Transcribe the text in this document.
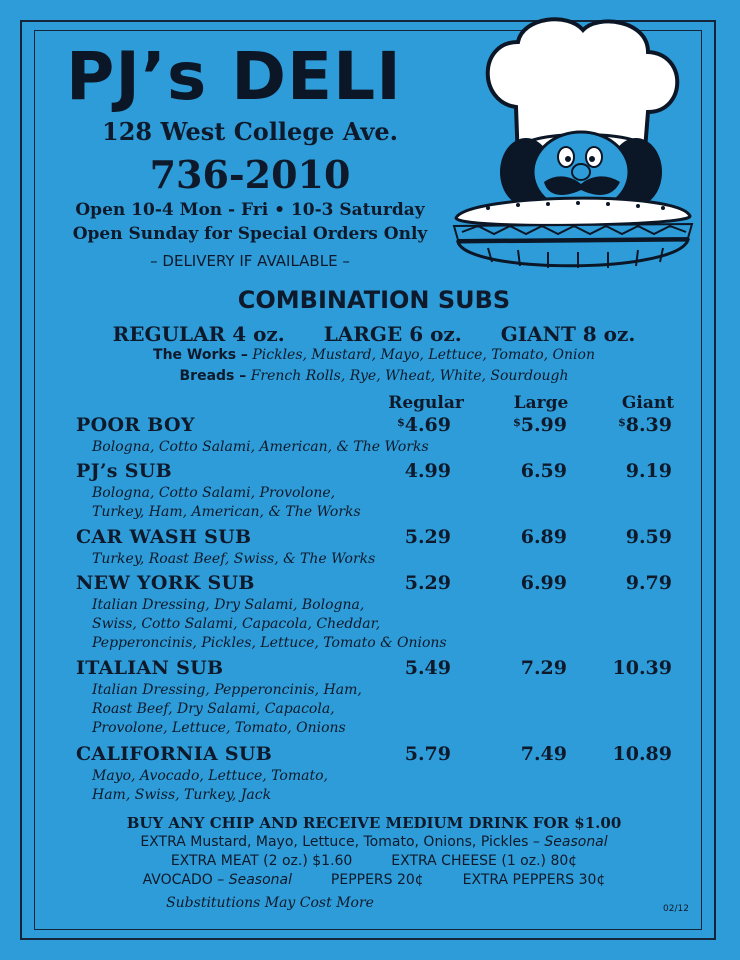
PJ’s DELI
128 West College Ave.
736-2010
Open 10-4 Mon - Fri • 10-3 Saturday
Open Sunday for Special Orders Only
– DELIVERY IF AVAILABLE –
COMBINATION SUBS
REGULAR 4 oz. LARGE 6 oz. GIANT 8 oz.
The Works – Pickles, Mustard, Mayo, Lettuce, Tomato, Onion
Breads – French Rolls, Rye, Wheat, White, Sourdough
Regular	Large	Giant
POOR BOY	$4.69	$5.99	$8.39
Bologna, Cotto Salami, American, & The Works
PJ’s SUB	4.99	6.59	9.19
Bologna, Cotto Salami, Provolone,
Turkey, Ham, American, & The Works
CAR WASH SUB	5.29	6.89	9.59
Turkey, Roast Beef, Swiss, & The Works
NEW YORK SUB	5.29	6.99	9.79
Italian Dressing, Dry Salami, Bologna,
Swiss, Cotto Salami, Capacola, Cheddar,
Pepperoncinis, Pickles, Lettuce, Tomato & Onions
ITALIAN SUB	5.49	7.29	10.39
Italian Dressing, Pepperoncinis, Ham,
Roast Beef, Dry Salami, Capacola,
Provolone, Lettuce, Tomato, Onions
CALIFORNIA SUB	5.79	7.49	10.89
Mayo, Avocado, Lettuce, Tomato,
Ham, Swiss, Turkey, Jack
BUY ANY CHIP AND RECEIVE MEDIUM DRINK FOR $1.00
EXTRA Mustard, Mayo, Lettuce, Tomato, Onions, Pickles – Seasonal
EXTRA MEAT (2 oz.) $1.60	EXTRA CHEESE (1 oz.) 80¢
AVOCADO – Seasonal	PEPPERS 20¢	EXTRA PEPPERS 30¢
Substitutions May Cost More	02/12
